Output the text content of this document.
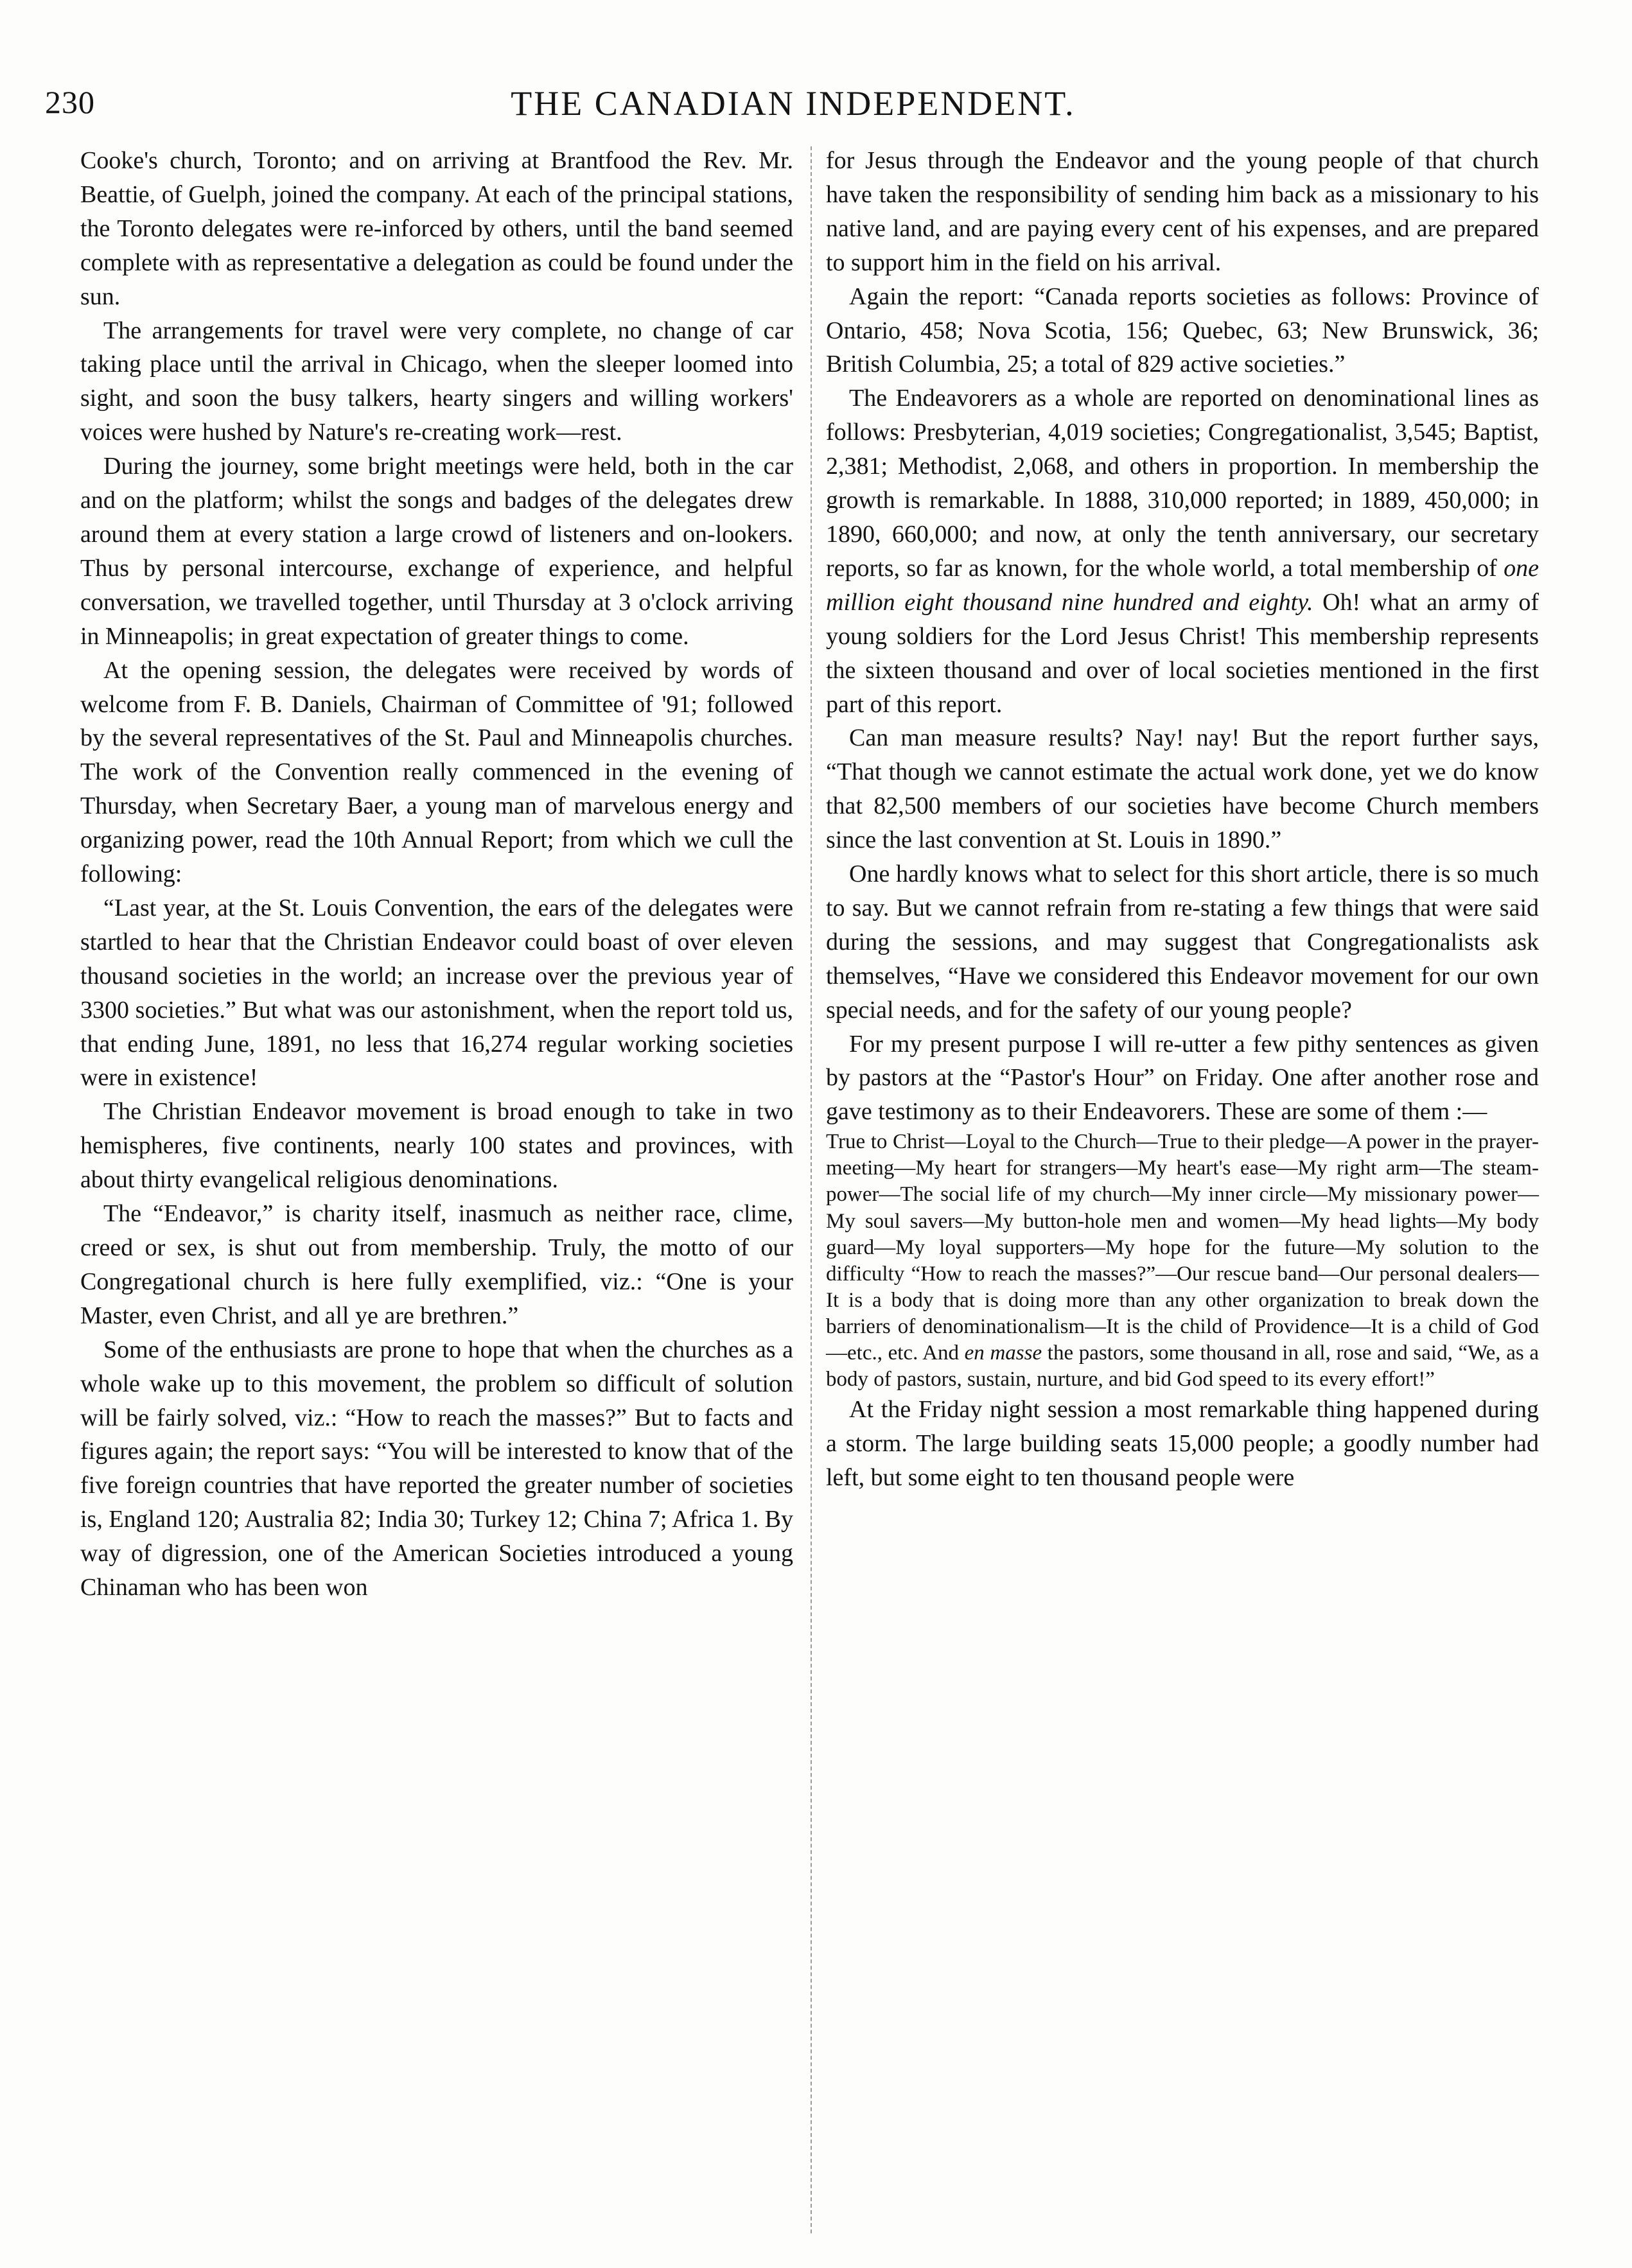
230	THE CANADIAN INDEPENDENT.

Cooke's church, Toronto; and on arriving at Brantfood the Rev. Mr. Beattie, of Guelph, joined the company. At each of the principal stations, the Toronto delegates were re-inforced by others, until the band seemed complete with as representative a delegation as could be found under the sun.

The arrangements for travel were very complete, no change of car taking place until the arrival in Chicago, when the sleeper loomed into sight, and soon the busy talkers, hearty singers and willing workers' voices were hushed by Nature's re-creating work—rest.

During the journey, some bright meetings were held, both in the car and on the platform; whilst the songs and badges of the delegates drew around them at every station a large crowd of listeners and on-lookers. Thus by personal intercourse, exchange of experience, and helpful conversation, we travelled together, until Thursday at 3 o'clock arriving in Minneapolis; in great expectation of greater things to come.

At the opening session, the delegates were received by words of welcome from F. B. Daniels, Chairman of Committee of '91; followed by the several representatives of the St. Paul and Minneapolis churches. The work of the Convention really commenced in the evening of Thursday, when Secretary Baer, a young man of marvelous energy and organizing power, read the 10th Annual Report; from which we cull the following:

“Last year, at the St. Louis Convention, the ears of the delegates were startled to hear that the Christian Endeavor could boast of over eleven thousand societies in the world; an increase over the previous year of 3300 societies.” But what was our astonishment, when the report told us, that ending June, 1891, no less that 16,274 regular working societies were in existence!

The Christian Endeavor movement is broad enough to take in two hemispheres, five continents, nearly 100 states and provinces, with about thirty evangelical religious denominations.

The “Endeavor,” is charity itself, inasmuch as neither race, clime, creed or sex, is shut out from membership. Truly, the motto of our Congregational church is here fully exemplified, viz.: “One is your Master, even Christ, and all ye are brethren.”

Some of the enthusiasts are prone to hope that when the churches as a whole wake up to this movement, the problem so difficult of solution will be fairly solved, viz.: “How to reach the masses?” But to facts and figures again; the report says: “You will be interested to know that of the five foreign countries that have reported the greater number of societies is, England 120; Australia 82; India 30; Turkey 12; China 7; Africa 1. By way of digression, one of the American Societies introduced a young Chinaman who has been won

for Jesus through the Endeavor and the young people of that church have taken the responsibility of sending him back as a missionary to his native land, and are paying every cent of his expenses, and are prepared to support him in the field on his arrival.

Again the report: “Canada reports societies as follows: Province of Ontario, 458; Nova Scotia, 156; Quebec, 63; New Brunswick, 36; British Columbia, 25; a total of 829 active societies.”

The Endeavorers as a whole are reported on denominational lines as follows: Presbyterian, 4,019 societies; Congregationalist, 3,545; Baptist, 2,381; Methodist, 2,068, and others in proportion. In membership the growth is remarkable. In 1888, 310,000 reported; in 1889, 450,000; in 1890, 660,000; and now, at only the tenth anniversary, our secretary reports, so far as known, for the whole world, a total membership of one million eight thousand nine hundred and eighty. Oh! what an army of young soldiers for the Lord Jesus Christ! This membership represents the sixteen thousand and over of local societies mentioned in the first part of this report.

Can man measure results? Nay! nay! But the report further says, “That though we cannot estimate the actual work done, yet we do know that 82,500 members of our societies have become Church members since the last convention at St. Louis in 1890.”

One hardly knows what to select for this short article, there is so much to say. But we cannot refrain from re-stating a few things that were said during the sessions, and may suggest that Congregationalists ask themselves, “Have we considered this Endeavor movement for our own special needs, and for the safety of our young people?

For my present purpose I will re-utter a few pithy sentences as given by pastors at the “Pastor's Hour” on Friday. One after another rose and gave testimony as to their Endeavorers. These are some of them :—

True to Christ—Loyal to the Church—True to their pledge—A power in the prayer-meeting—My heart for strangers—My heart's ease—My right arm—The steam-power—The social life of my church—My inner circle—My missionary power—My soul savers—My button-hole men and women—My head lights—My body guard—My loyal supporters—My hope for the future—My solution to the difficulty “How to reach the masses?”—Our rescue band—Our personal dealers—It is a body that is doing more than any other organization to break down the barriers of denominationalism—It is the child of Providence—It is a child of God—etc., etc. And en masse the pastors, some thousand in all, rose and said, “We, as a body of pastors, sustain, nurture, and bid God speed to its every effort!”

At the Friday night session a most remarkable thing happened during a storm. The large building seats 15,000 people; a goodly number had left, but some eight to ten thousand people were
